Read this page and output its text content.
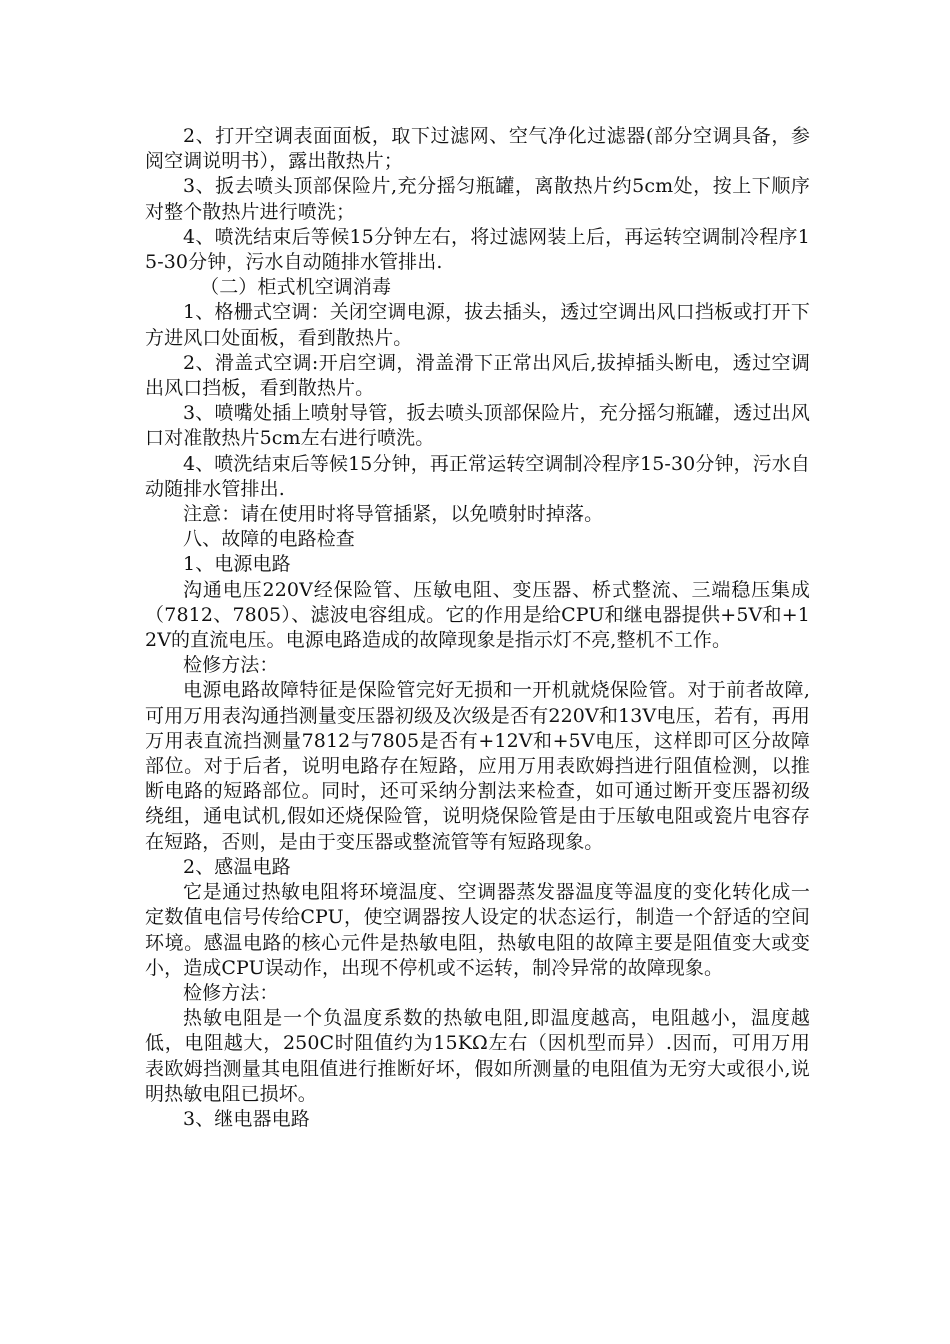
2、打开空调表面面板，取下过滤网、空气净化过滤器(部分空调具备，参阅空调说明书），露出散热片；

3、扳去喷头顶部保险片,充分摇匀瓶罐，离散热片约5cm处，按上下顺序对整个散热片进行喷洗；

4、喷洗结束后等候15分钟左右，将过滤网装上后，再运转空调制冷程序15-30分钟，污水自动随排水管排出.

（二）柜式机空调消毒

1、格栅式空调：关闭空调电源，拔去插头，透过空调出风口挡板或打开下方进风口处面板，看到散热片。

2、滑盖式空调:开启空调，滑盖滑下正常出风后,拔掉插头断电，透过空调出风口挡板，看到散热片。

3、喷嘴处插上喷射导管，扳去喷头顶部保险片，充分摇匀瓶罐，透过出风口对准散热片5cm左右进行喷洗。

4、喷洗结束后等候15分钟，再正常运转空调制冷程序15-30分钟，污水自动随排水管排出.

注意：请在使用时将导管插紧，以免喷射时掉落。

八、故障的电路检查

1、电源电路

沟通电压220V经保险管、压敏电阻、变压器、桥式整流、三端稳压集成（7812、7805）、滤波电容组成。它的作用是给CPU和继电器提供+5V和+12V的直流电压。电源电路造成的故障现象是指示灯不亮,整机不工作。

检修方法：

电源电路故障特征是保险管完好无损和一开机就烧保险管。对于前者故障,可用万用表沟通挡测量变压器初级及次级是否有220V和13V电压，若有，再用万用表直流挡测量7812与7805是否有+12V和+5V电压，这样即可区分故障部位。对于后者，说明电路存在短路，应用万用表欧姆挡进行阻值检测，以推断电路的短路部位。同时，还可采纳分割法来检查，如可通过断开变压器初级绕组，通电试机,假如还烧保险管，说明烧保险管是由于压敏电阻或瓷片电容存在短路，否则，是由于变压器或整流管等有短路现象。

2、感温电路

它是通过热敏电阻将环境温度、空调器蒸发器温度等温度的变化转化成一定数值电信号传给CPU，使空调器按人设定的状态运行，制造一个舒适的空间环境。感温电路的核心元件是热敏电阻，热敏电阻的故障主要是阻值变大或变小，造成CPU误动作，出现不停机或不运转，制冷异常的故障现象。

检修方法：

热敏电阻是一个负温度系数的热敏电阻,即温度越高，电阻越小，温度越低，电阻越大，250C时阻值约为15KΩ左右（因机型而异）.因而，可用万用表欧姆挡测量其电阻值进行推断好坏，假如所测量的电阻值为无穷大或很小,说明热敏电阻已损坏。

3、继电器电路
